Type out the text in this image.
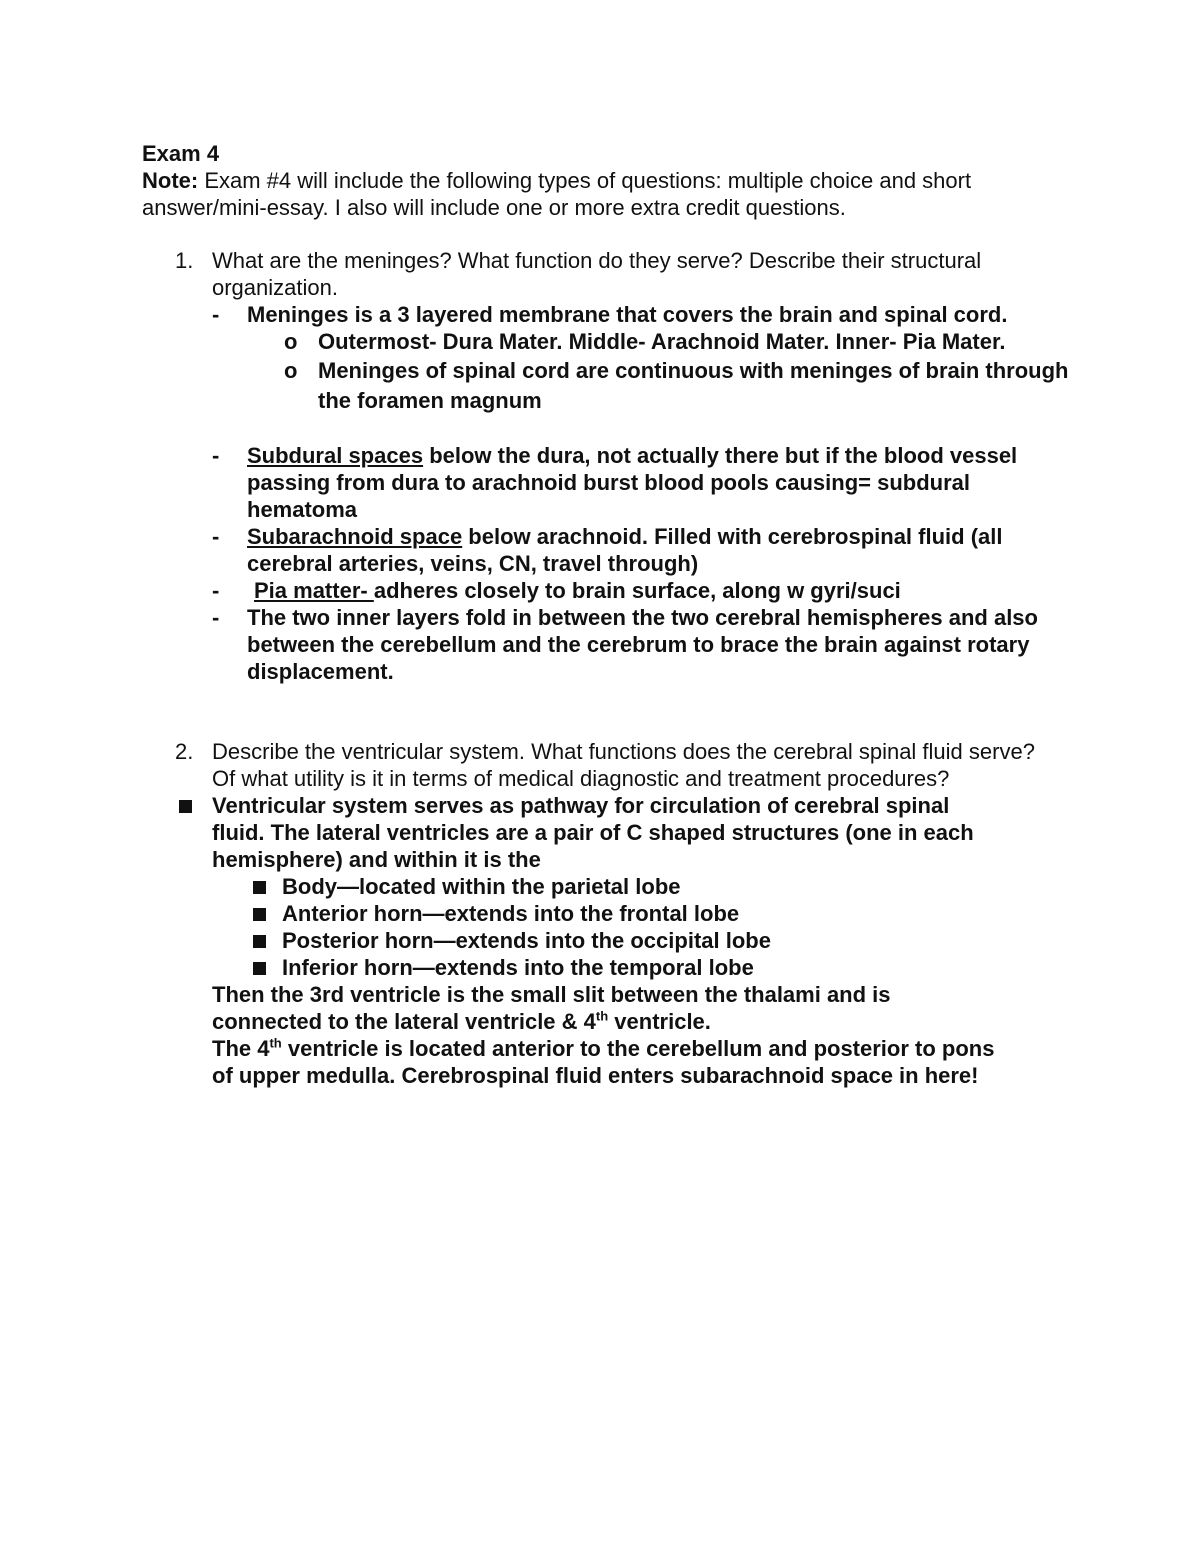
Exam 4
Note: Exam #4 will include the following types of questions: multiple choice and short
answer/mini-essay. I also will include one or more extra credit questions.
1. What are the meninges? What function do they serve? Describe their structural
organization.
- Meninges is a 3 layered membrane that covers the brain and spinal cord.
o Outermost- Dura Mater. Middle- Arachnoid Mater. Inner- Pia Mater.
o Meninges of spinal cord are continuous with meninges of brain through
the foramen magnum
- Subdural spaces below the dura, not actually there but if the blood vessel
passing from dura to arachnoid burst blood pools causing= subdural
hematoma
- Subarachnoid space below arachnoid. Filled with cerebrospinal fluid (all
cerebral arteries, veins, CN, travel through)
- Pia matter- adheres closely to brain surface, along w gyri/suci
- The two inner layers fold in between the two cerebral hemispheres and also
between the cerebellum and the cerebrum to brace the brain against rotary
displacement.
2. Describe the ventricular system. What functions does the cerebral spinal fluid serve?
Of what utility is it in terms of medical diagnostic and treatment procedures?
Ventricular system serves as pathway for circulation of cerebral spinal
fluid. The lateral ventricles are a pair of C shaped structures (one in each
hemisphere) and within it is the
Body—located within the parietal lobe
Anterior horn—extends into the frontal lobe
Posterior horn—extends into the occipital lobe
Inferior horn—extends into the temporal lobe
Then the 3rd ventricle is the small slit between the thalami and is
connected to the lateral ventricle & 4th ventricle.
The 4th ventricle is located anterior to the cerebellum and posterior to pons
of upper medulla. Cerebrospinal fluid enters subarachnoid space in here!
